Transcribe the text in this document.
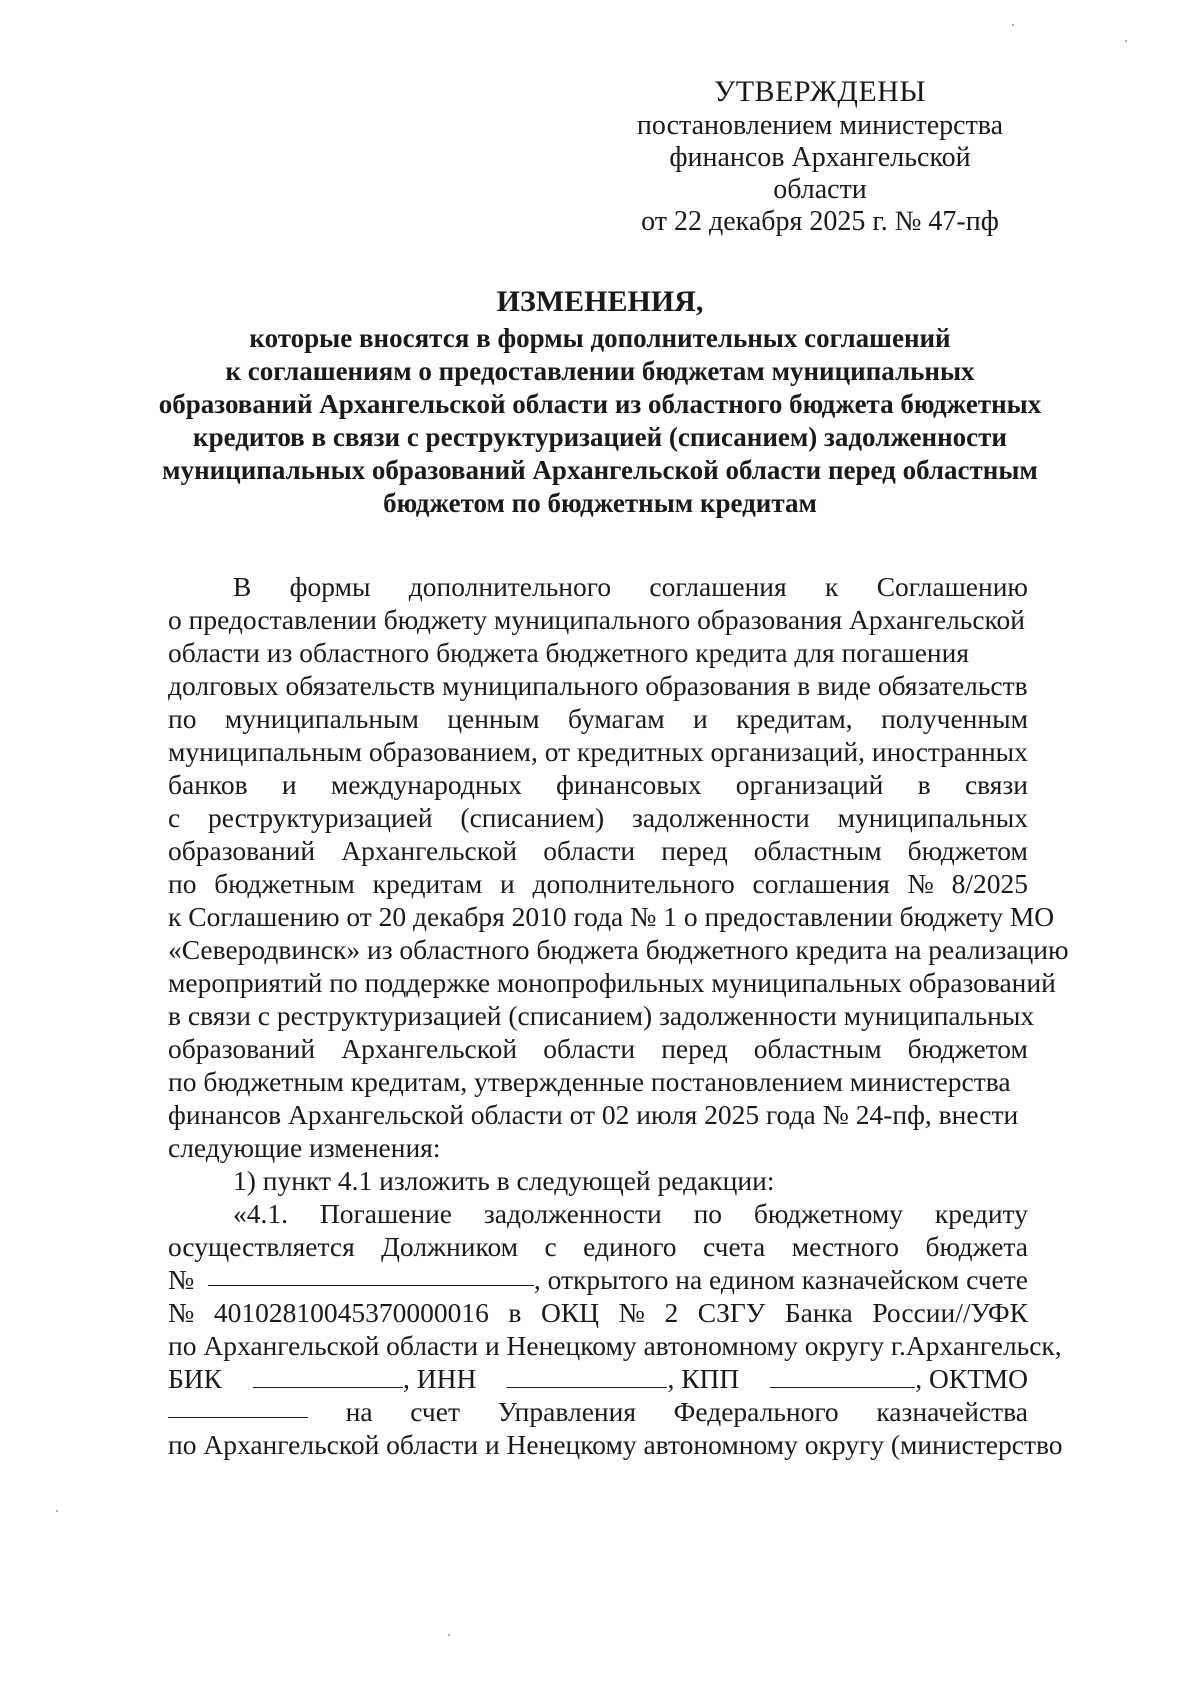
УТВЕРЖДЕНЫ
постановлением министерства
финансов Архангельской области
от 22 декабря 2025 г. № 47-пф
ИЗМЕНЕНИЯ,
которые вносятся в формы дополнительных соглашений
к соглашениям о предоставлении бюджетам муниципальных
образований Архангельской области из областного бюджета бюджетных
кредитов в связи с реструктуризацией (списанием) задолженности
муниципальных образований Архангельской области перед областным
бюджетом по бюджетным кредитам
В формы дополнительного соглашения к Соглашению
о предоставлении бюджету муниципального образования Архангельской
области из областного бюджета бюджетного кредита для погашения
долговых обязательств муниципального образования в виде обязательств
по муниципальным ценным бумагам и кредитам, полученным
муниципальным образованием, от кредитных организаций, иностранных
банков и международных финансовых организаций в связи
с реструктуризацией (списанием) задолженности муниципальных
образований Архангельской области перед областным бюджетом
по бюджетным кредитам и дополнительного соглашения № 8/2025
к Соглашению от 20 декабря 2010 года № 1 о предоставлении бюджету МО
«Северодвинск» из областного бюджета бюджетного кредита на реализацию
мероприятий по поддержке монопрофильных муниципальных образований
в связи с реструктуризацией (списанием) задолженности муниципальных
образований Архангельской области перед областным бюджетом
по бюджетным кредитам, утвержденные постановлением министерства
финансов Архангельской области от 02 июля 2025 года № 24-пф, внести
следующие изменения:
1) пункт 4.1 изложить в следующей редакции:
«4.1. Погашение задолженности по бюджетному кредиту
осуществляется Должником с единого счета местного бюджета
№	, открытого на едином казначейском счете
№ 40102810045370000016 в ОКЦ № 2 СЗГУ Банка России//УФК
по Архангельской области и Ненецкому автономному округу г.Архангельск,
БИК	, ИНН	, КПП	, ОКТМО
на счет Управления Федерального казначейства
по Архангельской области и Ненецкому автономному округу (министерство
